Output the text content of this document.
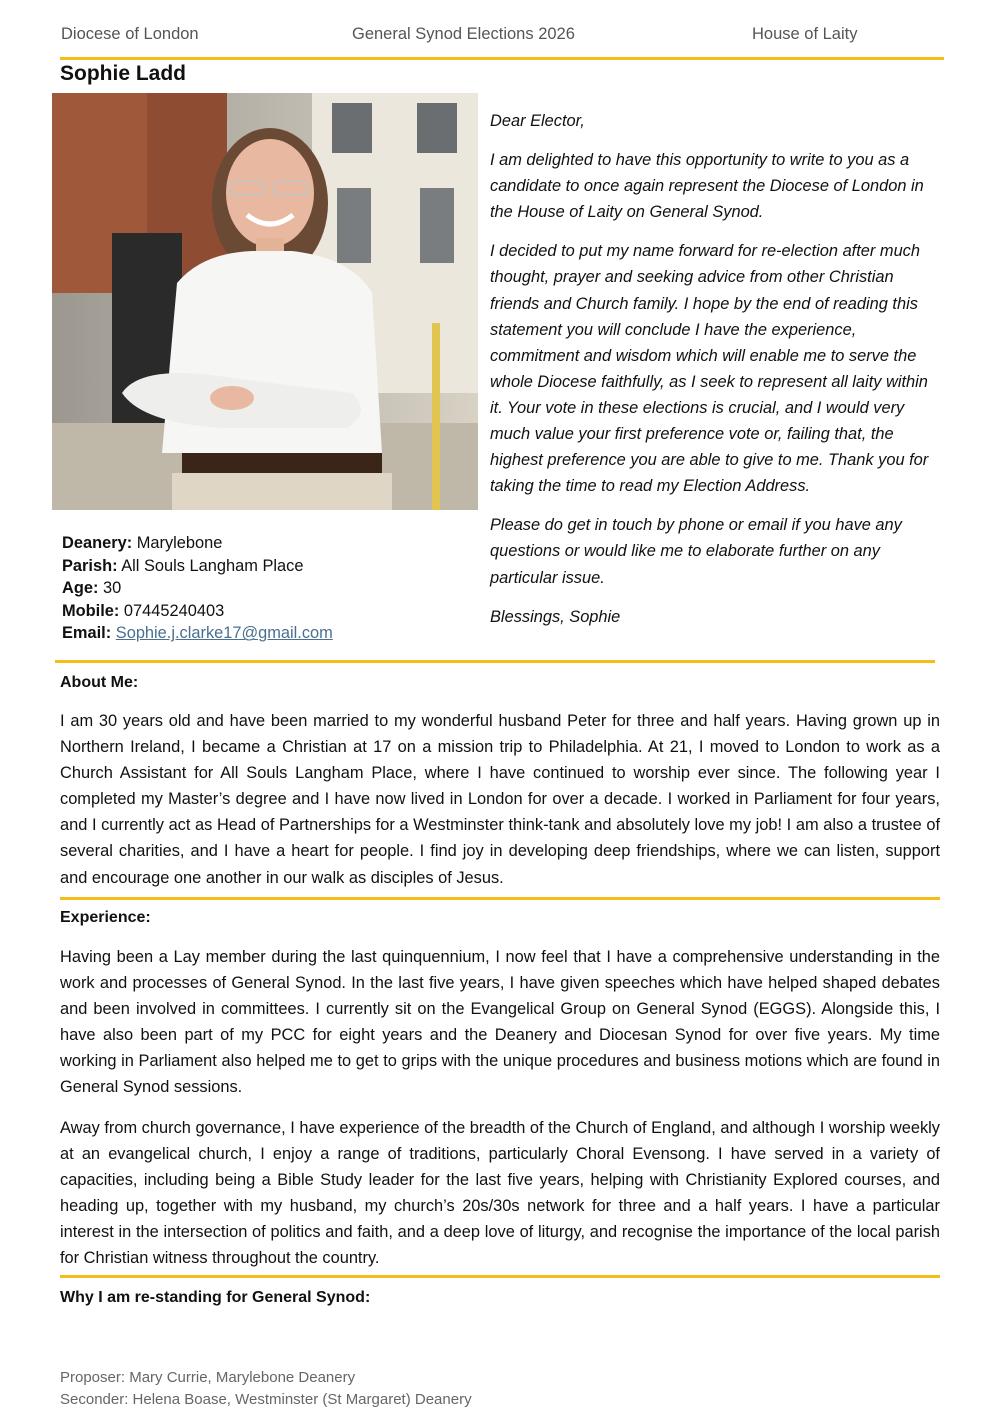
Diocese of London	General Synod Elections 2026	House of Laity
Sophie Ladd

Dear Elector,

I am delighted to have this opportunity to write to you as a candidate to once again represent the Diocese of London in the House of Laity on General Synod.

I decided to put my name forward for re-election after much thought, prayer and seeking advice from other Christian friends and Church family. I hope by the end of reading this statement you will conclude I have the experience, commitment and wisdom which will enable me to serve the whole Diocese faithfully, as I seek to represent all laity within it. Your vote in these elections is crucial, and I would very much value your first preference vote or, failing that, the highest preference you are able to give to me. Thank you for taking the time to read my Election Address.

Please do get in touch by phone or email if you have any questions or would like me to elaborate further on any particular issue.

Blessings, Sophie

Deanery: Marylebone
Parish: All Souls Langham Place
Age: 30
Mobile: 07445240403
Email: Sophie.j.clarke17@gmail.com
About Me:

I am 30 years old and have been married to my wonderful husband Peter for three and half years. Having grown up in Northern Ireland, I became a Christian at 17 on a mission trip to Philadelphia. At 21, I moved to London to work as a Church Assistant for All Souls Langham Place, where I have continued to worship ever since. The following year I completed my Master’s degree and I have now lived in London for over a decade. I worked in Parliament for four years, and I currently act as Head of Partnerships for a Westminster think-tank and absolutely love my job! I am also a trustee of several charities, and I have a heart for people. I find joy in developing deep friendships, where we can listen, support and encourage one another in our walk as disciples of Jesus.

Experience:

Having been a Lay member during the last quinquennium, I now feel that I have a comprehensive understanding in the work and processes of General Synod. In the last five years, I have given speeches which have helped shaped debates and been involved in committees. I currently sit on the Evangelical Group on General Synod (EGGS). Alongside this, I have also been part of my PCC for eight years and the Deanery and Diocesan Synod for over five years. My time working in Parliament also helped me to get to grips with the unique procedures and business motions which are found in General Synod sessions.

Away from church governance, I have experience of the breadth of the Church of England, and although I worship weekly at an evangelical church, I enjoy a range of traditions, particularly Choral Evensong. I have served in a variety of capacities, including being a Bible Study leader for the last five years, helping with Christianity Explored courses, and heading up, together with my husband, my church’s 20s/30s network for three and a half years. I have a particular interest in the intersection of politics and faith, and a deep love of liturgy, and recognise the importance of the local parish for Christian witness throughout the country.

Why I am re-standing for General Synod:
Proposer: Mary Currie, Marylebone Deanery
Seconder: Helena Boase, Westminster (St Margaret) Deanery
